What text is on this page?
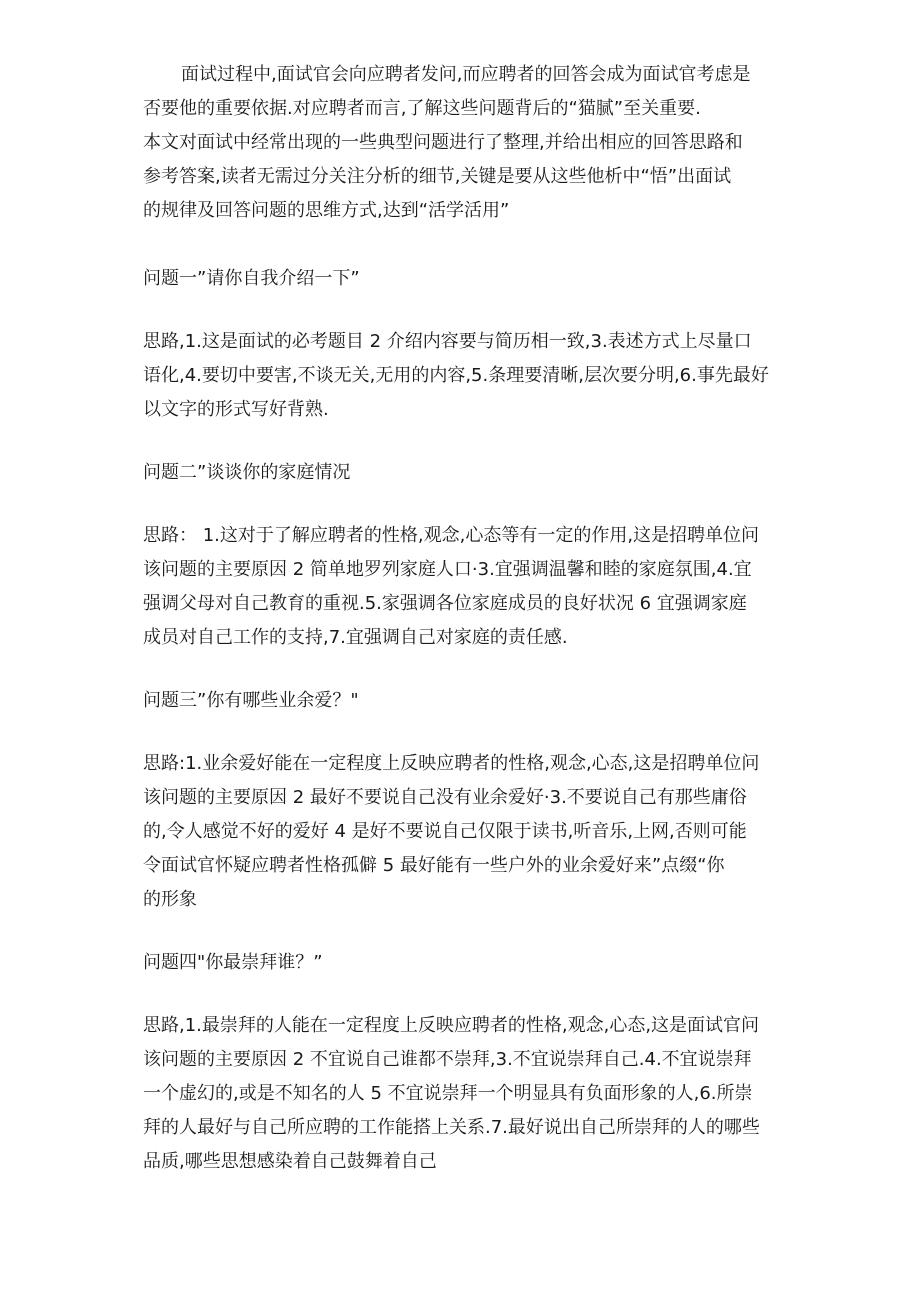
面试过程中,面试官会向应聘者发问,而应聘者的回答会成为面试官考虑是
否要他的重要依据.对应聘者而言,了解这些问题背后的“猫腻”至关重要.
本文对面试中经常出现的一些典型问题进行了整理,并给出相应的回答思路和
参考答案,读者无需过分关注分析的细节,关键是要从这些他析中“悟”出面试
的规律及回答问题的思维方式,达到“活学活用”
问题一”请你自我介绍一下”
思路,1.这是面试的必考题目 2 介绍内容要与简历相一致,3.表述方式上尽量口
语化,4.要切中要害,不谈无关,无用的内容,5.条理要清晰,层次要分明,6.事先最好
以文字的形式写好背熟.
问题二”谈谈你的家庭情况
思路： 1.这对于了解应聘者的性格,观念,心态等有一定的作用,这是招聘单位问
该问题的主要原因 2 简单地罗列家庭人口·3.宜强调温馨和睦的家庭氛围,4.宜
强调父母对自己教育的重视.5.家强调各位家庭成员的良好状况 6 宜强调家庭
成员对自己工作的支持,7.宜强调自己对家庭的责任感.
问题三”你有哪些业余爱？"
思路:1.业余爱好能在一定程度上反映应聘者的性格,观念,心态,这是招聘单位问
该问题的主要原因 2 最好不要说自己没有业余爱好·3.不要说自己有那些庸俗
的,令人感觉不好的爱好 4 是好不要说自己仅限于读书,听音乐,上网,否则可能
令面试官怀疑应聘者性格孤僻 5 最好能有一些户外的业余爱好来”点缀“你
的形象
问题四"你最崇拜谁？”
思路,1.最崇拜的人能在一定程度上反映应聘者的性格,观念,心态,这是面试官问
该问题的主要原因 2 不宜说自己谁都不崇拜,3.不宜说崇拜自己.4.不宜说崇拜
一个虚幻的,或是不知名的人 5 不宜说崇拜一个明显具有负面形象的人,6.所崇
拜的人最好与自己所应聘的工作能搭上关系.7.最好说出自己所崇拜的人的哪些
品质,哪些思想感染着自己鼓舞着自己
